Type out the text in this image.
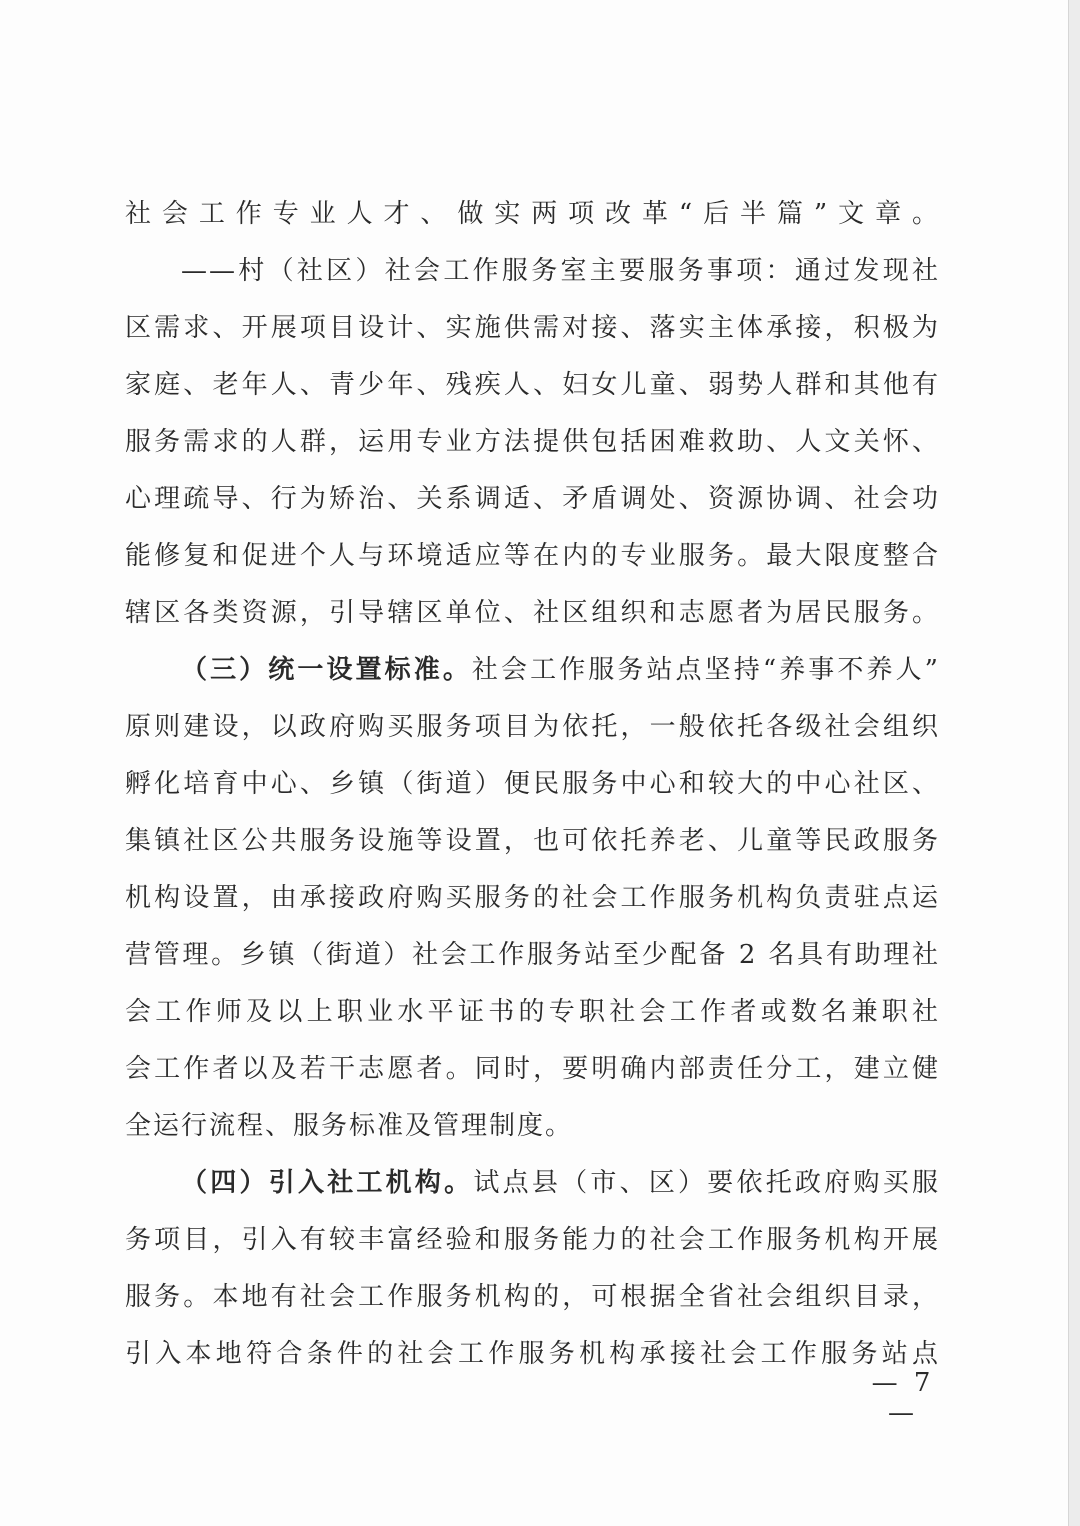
社会工作专业人才、做实两项改革“后半篇”文章。
——村（社区）社会工作服务室主要服务事项：通过发现社
区需求、开展项目设计、实施供需对接、落实主体承接，积极为
家庭、老年人、青少年、残疾人、妇女儿童、弱势人群和其他有
服务需求的人群，运用专业方法提供包括困难救助、人文关怀、
心理疏导、行为矫治、关系调适、矛盾调处、资源协调、社会功
能修复和促进个人与环境适应等在内的专业服务。最大限度整合
辖区各类资源，引导辖区单位、社区组织和志愿者为居民服务。
（三）统一设置标准。社会工作服务站点坚持“养事不养人”
原则建设，以政府购买服务项目为依托，一般依托各级社会组织
孵化培育中心、乡镇（街道）便民服务中心和较大的中心社区、
集镇社区公共服务设施等设置，也可依托养老、儿童等民政服务
机构设置，由承接政府购买服务的社会工作服务机构负责驻点运
营管理。乡镇（街道）社会工作服务站至少配备 2 名具有助理社
会工作师及以上职业水平证书的专职社会工作者或数名兼职社
会工作者以及若干志愿者。同时，要明确内部责任分工，建立健
全运行流程、服务标准及管理制度。
（四）引入社工机构。试点县（市、区）要依托政府购买服
务项目，引入有较丰富经验和服务能力的社会工作服务机构开展
服务。本地有社会工作服务机构的，可根据全省社会组织目录，
引入本地符合条件的社会工作服务机构承接社会工作服务站点
— 7 —
